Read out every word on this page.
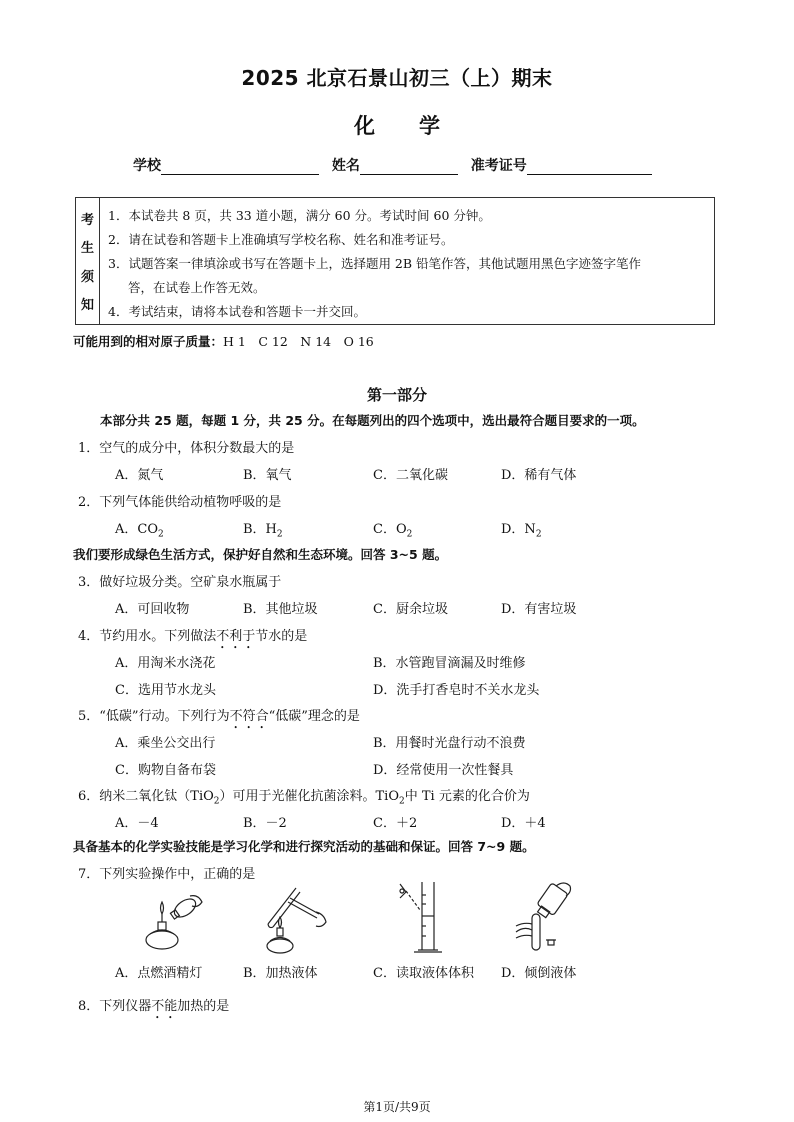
2025 北京石景山初三（上）期末
化 学
学校	姓名	准考证号
考
生
须
知
1．本试卷共 8 页，共 33 道小题，满分 60 分。考试时间 60 分钟。
2．请在试卷和答题卡上准确填写学校名称、姓名和准考证号。
3．试题答案一律填涂或书写在答题卡上，选择题用 2B 铅笔作答，其他试题用黑色字迹签字笔作
答，在试卷上作答无效。
4．考试结束，请将本试卷和答题卡一并交回。
可能用到的相对原子质量：H 1　C 12　N 14　O 16
第一部分
本部分共 25 题，每题 1 分，共 25 分。在每题列出的四个选项中，选出最符合题目要求的一项。
1．空气的成分中，体积分数最大的是
A．氮气	B．氧气	C．二氧化碳	D．稀有气体
2．下列气体能供给动植物呼吸的是
A．$CO_2$	B．$H_2$	C．$O_2$	D．$N_2$
我们要形成绿色生活方式，保护好自然和生态环境。回答 3~5 题。
3．做好垃圾分类。空矿泉水瓶属于
A．可回收物	B．其他垃圾	C．厨余垃圾	D．有害垃圾
4．节约用水。下列做法不利于节水的是
A．用淘米水浇花	B．水管跑冒滴漏及时维修
C．选用节水龙头	D．洗手打香皂时不关水龙头
5．“低碳”行动。下列行为不符合“低碳”理念的是
A．乘坐公交出行	B．用餐时光盘行动不浪费
C．购物自备布袋	D．经常使用一次性餐具
6．纳米二氧化钛（TiO$_2$）可用于光催化抗菌涂料。TiO$_2$中 Ti 元素的化合价为
A．－4	B．－2	C．＋2	D．＋4
具备基本的化学实验技能是学习化学和进行探究活动的基础和保证。回答 7~9 题。
7．下列实验操作中，正确的是
A．点燃酒精灯	B．加热液体	C．读取液体体积 D．倾倒液体
8．下列仪器不能加热的是
第1页/共9页
